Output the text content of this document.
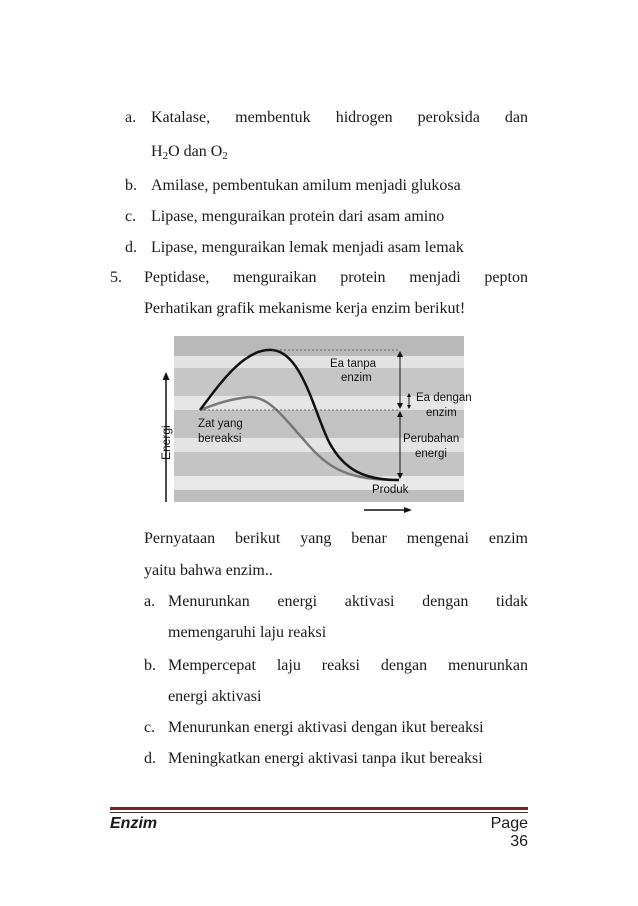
a. Katalase, membentuk hidrogen peroksida dan
$H_2O$ dan $O_2$
b. Amilase, pembentukan amilum menjadi glukosa
c. Lipase, menguraikan protein dari asam amino
d. Lipase, menguraikan lemak menjadi asam lemak
5. Peptidase, menguraikan protein menjadi pepton
Perhatikan grafik mekanisme kerja enzim berikut!
Energi
Zat yang
bereaksi
Ea tanpa
enzim
Ea dengan
enzim
Perubahan
energi
Produk
Pernyataan berikut yang benar mengenai enzim
yaitu bahwa enzim..
a. Menurunkan energi aktivasi dengan tidak
memengaruhi laju reaksi
b. Mempercepat laju reaksi dengan menurunkan
energi aktivasi
c. Menurunkan energi aktivasi dengan ikut bereaksi
d. Meningkatkan energi aktivasi tanpa ikut bereaksi
Enzim	Page 36
